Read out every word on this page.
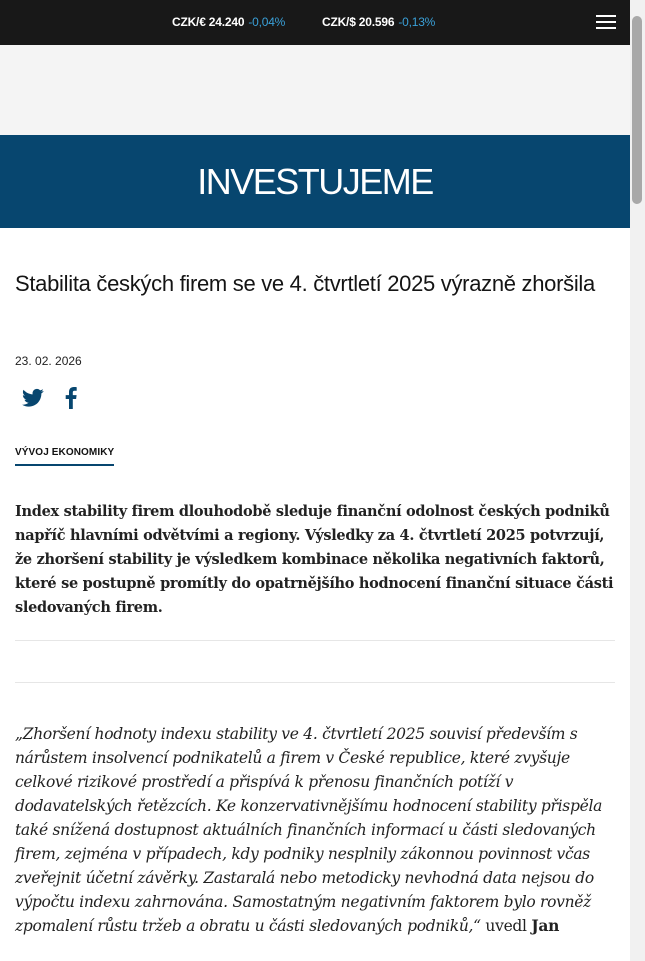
CZK/€ 24.240 -0,04%	CZK/$ 20.596 -0,13%
INVESTUJEME
Stabilita českých firem se ve 4. čtvrtletí 2025 výrazně zhoršila
23. 02. 2026
VÝVOJ EKONOMIKY

Index stability firem dlouhodobě sleduje finanční odolnost českých podniků napříč hlavními odvětvími a regiony. Výsledky za 4. čtvrtletí 2025 potvrzují, že zhoršení stability je výsledkem kombinace několika negativních faktorů, které se postupně promítly do opatrnějšího hodnocení finanční situace části sledovaných firem.

„Zhoršení hodnoty indexu stability ve 4. čtvrtletí 2025 souvisí především s nárůstem insolvencí podnikatelů a firem v České republice, které zvyšuje celkové rizikové prostředí a přispívá k přenosu finančních potíží v dodavatelských řetězcích. Ke konzervativnějšímu hodnocení stability přispěla také snížená dostupnost aktuálních finančních informací u části sledovaných firem, zejména v případech, kdy podniky nesplnily zákonnou povinnost včas zveřejnit účetní závěrky. Zastaralá nebo metodicky nevhodná data nejsou do výpočtu indexu zahrnována. Samostatným negativním faktorem bylo rovněž zpomalení růstu tržeb a obratu u části sledovaných podniků,“ uvedl Jan
